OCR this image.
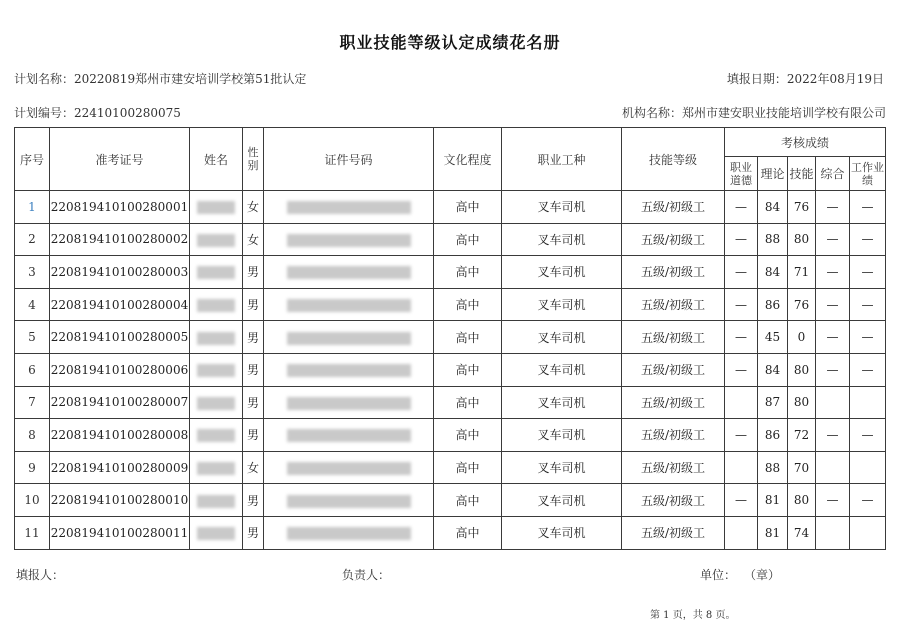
职业技能等级认定成绩花名册
计划名称：20220819郑州市建安培训学校第51批认定	填报日期：2022年08月19日
计划编号：22410100280075	机构名称：郑州市建安职业技能培训学校有限公司
序号	准考证号	姓名	性别	证件号码	文化程度	职业工种	技能等级	考核成绩				
								职业道德	理论	技能	综合	工作业绩
1	220819410100280001		女		高中	叉车司机	五级/初级工	—	84	76	—	—
2	220819410100280002		女		高中	叉车司机	五级/初级工	—	88	80	—	—
3	220819410100280003		男		高中	叉车司机	五级/初级工	—	84	71	—	—
4	220819410100280004		男		高中	叉车司机	五级/初级工	—	86	76	—	—
5	220819410100280005		男		高中	叉车司机	五级/初级工	—	45	0	—	—
6	220819410100280006		男		高中	叉车司机	五级/初级工	—	84	80	—	—
7	220819410100280007		男		高中	叉车司机	五级/初级工		87	80		
8	220819410100280008		男		高中	叉车司机	五级/初级工	—	86	72	—	—
9	220819410100280009		女		高中	叉车司机	五级/初级工		88	70		
10	220819410100280010		男		高中	叉车司机	五级/初级工	—	81	80	—	—
11	220819410100280011		男		高中	叉车司机	五级/初级工		81	74		
填报人：	负责人：	单位： （章）
第 1 页，共 8 页。
